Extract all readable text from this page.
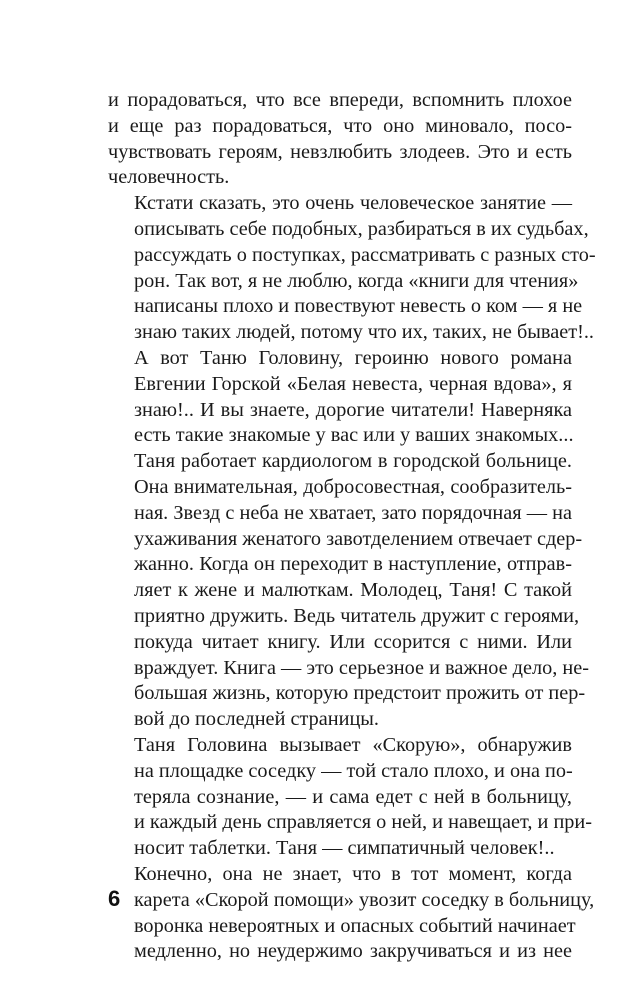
и порадоваться, что все впереди, вспомнить плохое
и еще раз порадоваться, что оно миновало, посо-
чувствовать героям, невзлюбить злодеев. Это и есть
человечность.

Кстати сказать, это очень человеческое занятие —
описывать себе подобных, разбираться в их судьбах,
рассуждать о поступках, рассматривать с разных сто-
рон. Так вот, я не люблю, когда «книги для чтения»
написаны плохо и повествуют невесть о ком — я не
знаю таких людей, потому что их, таких, не бывает!..

А вот Таню Головину, героиню нового романа
Евгении Горской «Белая невеста, черная вдова», я
знаю!.. И вы знаете, дорогие читатели! Наверняка
есть такие знакомые у вас или у ваших знакомых...
Таня работает кардиологом в городской больнице.
Она внимательная, добросовестная, сообразитель-
ная. Звезд с неба не хватает, зато порядочная — на
ухаживания женатого завотделением отвечает сдер-
жанно. Когда он переходит в наступление, отправ-
ляет к жене и малюткам. Молодец, Таня! С такой
приятно дружить. Ведь читатель дружит с героями,
покуда читает книгу. Или ссорится с ними. Или
враждует. Книга — это серьезное и важное дело, не-
большая жизнь, которую предстоит прожить от пер-
вой до последней страницы.

Таня Головина вызывает «Скорую», обнаружив
на площадке соседку — той стало плохо, и она по-
теряла сознание, — и сама едет с ней в больницу,
и каждый день справляется о ней, и навещает, и при-
носит таблетки. Таня — симпатичный человек!..

Конечно, она не знает, что в тот момент, когда
карета «Скорой помощи» увозит соседку в больницу,
воронка невероятных и опасных событий начинает
медленно, но неудержимо закручиваться и из нее

6
